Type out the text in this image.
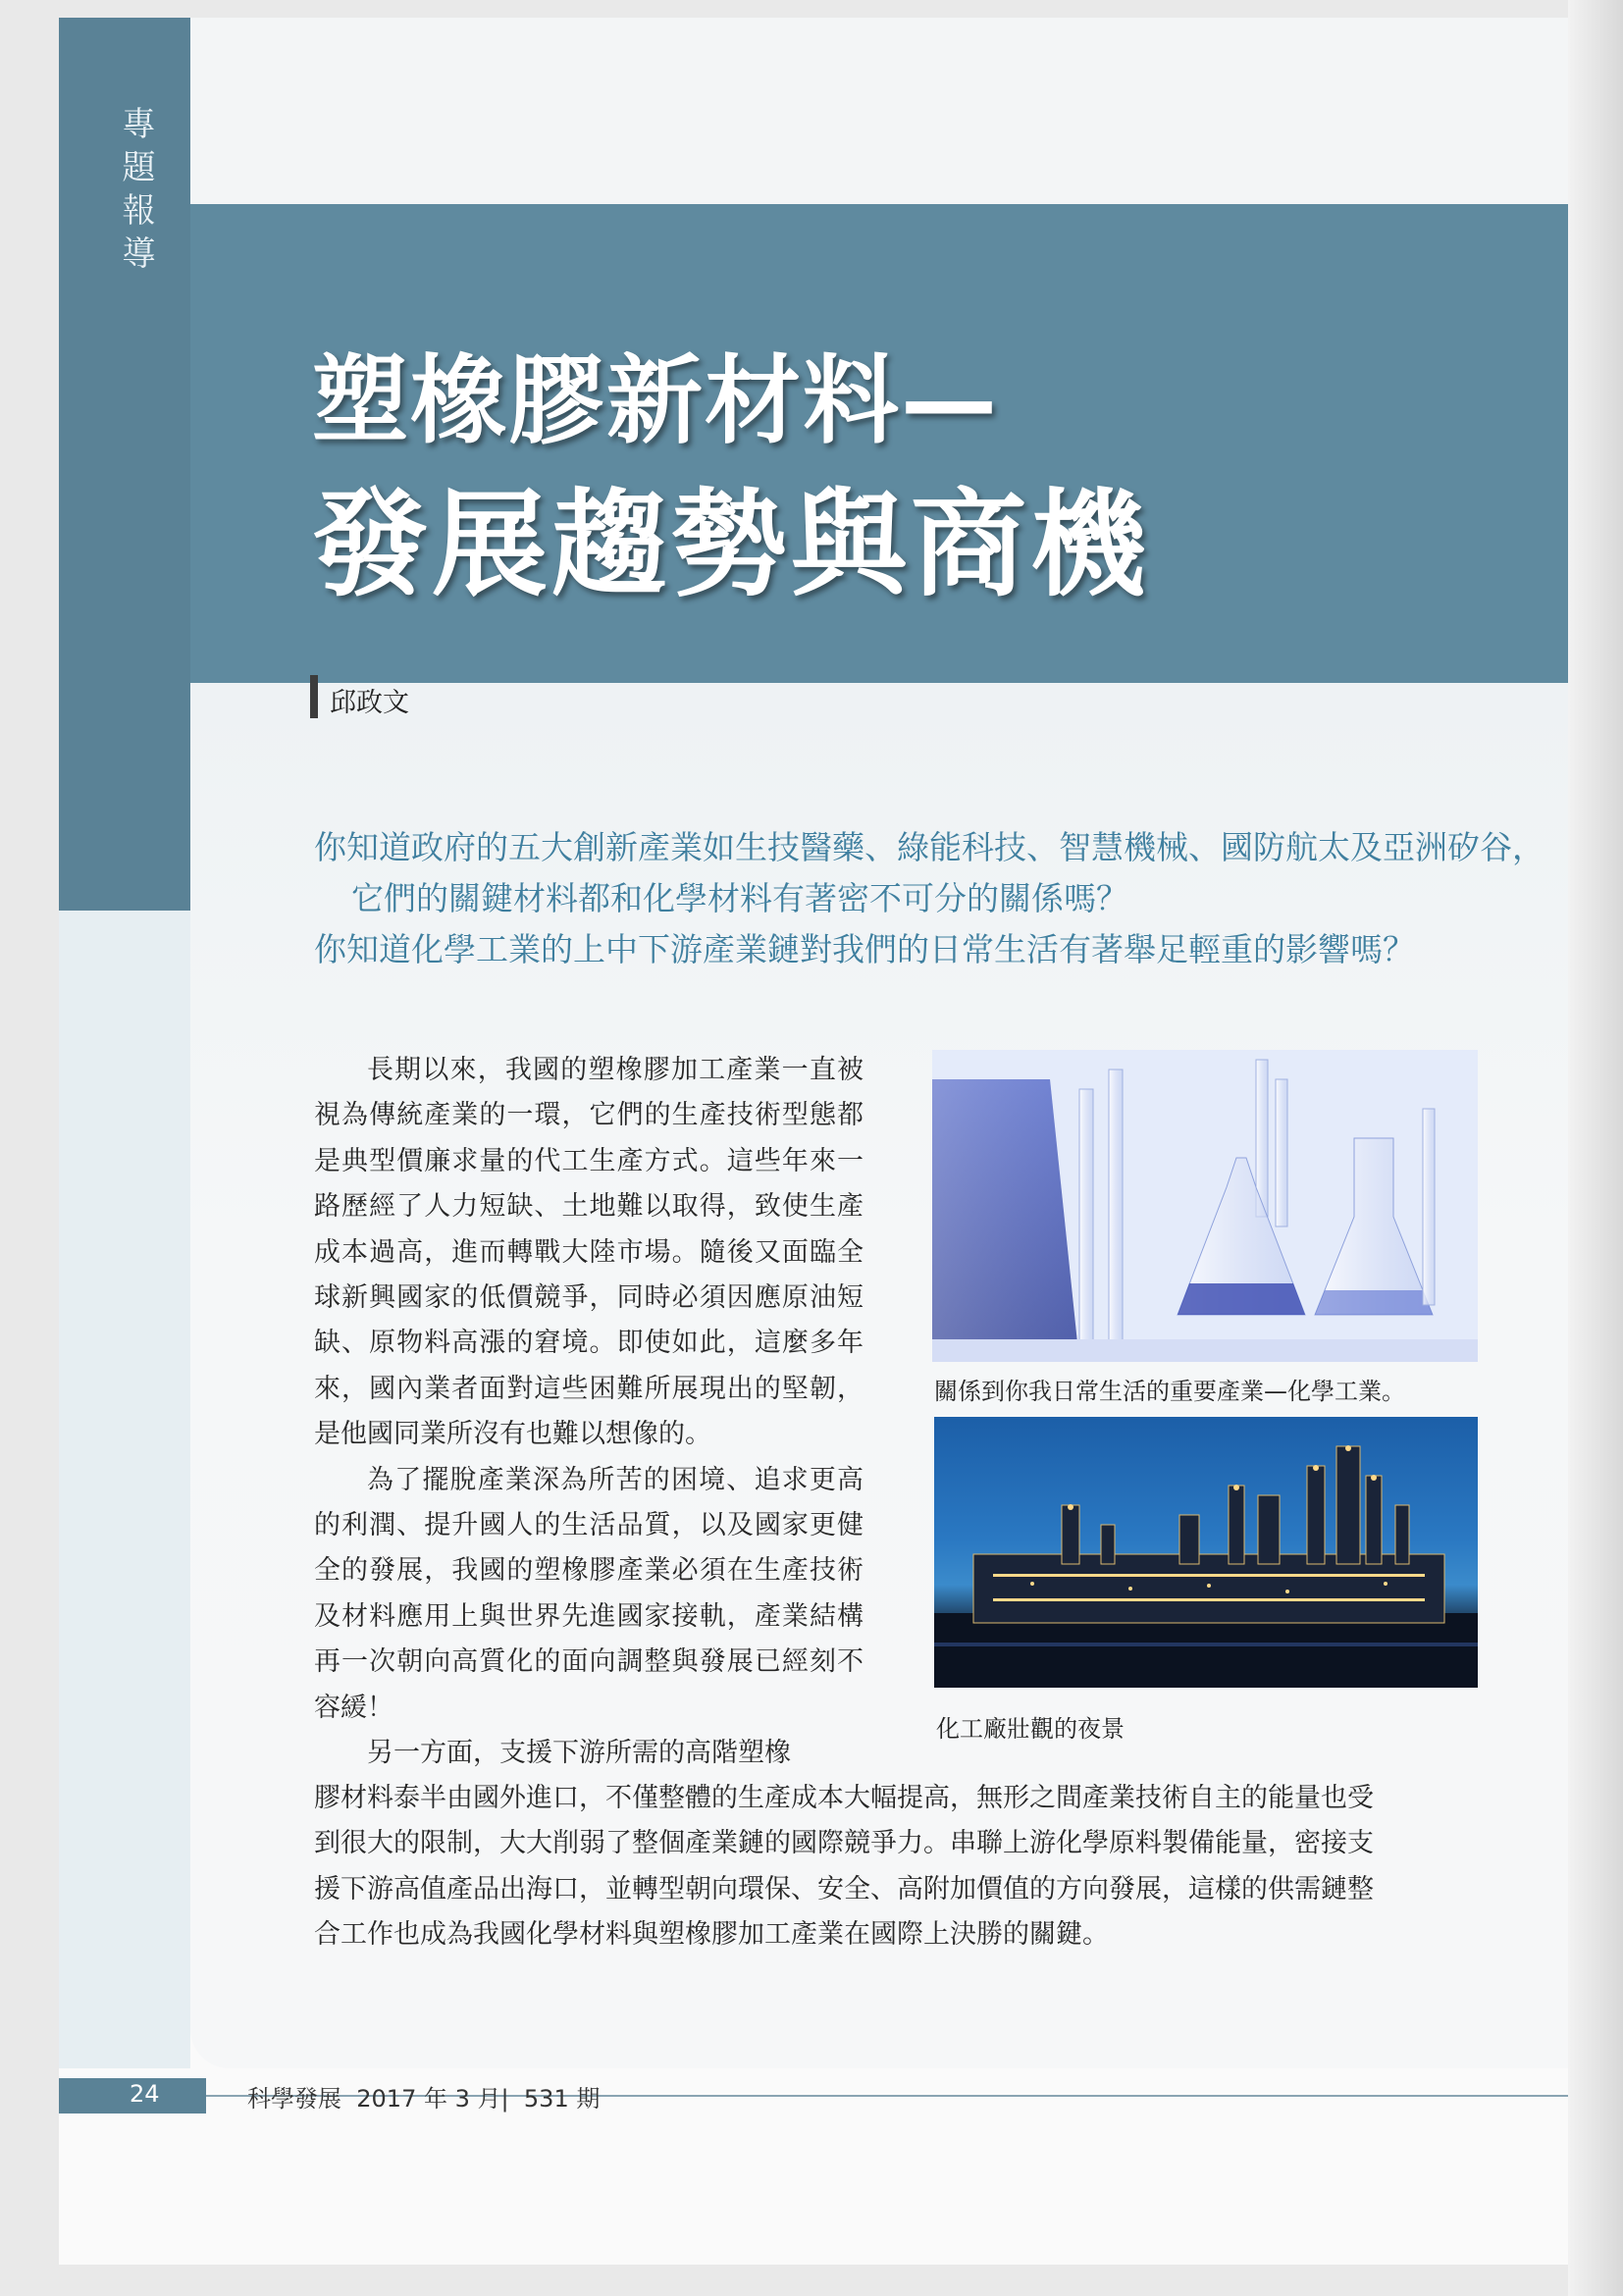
專題報導
塑橡膠新材料—
發展趨勢與商機
邱政文
你知道政府的五大創新產業如生技醫藥、綠能科技、智慧機械、國防航太及亞洲矽谷，
它們的關鍵材料都和化學材料有著密不可分的關係嗎？
你知道化學工業的上中下游產業鏈對我們的日常生活有著舉足輕重的影響嗎？

長期以來，我國的塑橡膠加工產業一直被視為傳統產業的一環，它們的生產技術型態都是典型價廉求量的代工生產方式。這些年來一路歷經了人力短缺、土地難以取得，致使生產成本過高，進而轉戰大陸市場。隨後又面臨全球新興國家的低價競爭，同時必須因應原油短缺、原物料高漲的窘境。即使如此，這麼多年來，國內業者面對這些困難所展現出的堅韌，是他國同業所沒有也難以想像的。

為了擺脫產業深為所苦的困境、追求更高的利潤、提升國人的生活品質，以及國家更健全的發展，我國的塑橡膠產業必須在生產技術及材料應用上與世界先進國家接軌，產業結構再一次朝向高質化的面向調整與發展已經刻不容緩！

另一方面，支援下游所需的高階塑橡

膠材料泰半由國外進口，不僅整體的生產成本大幅提高，無形之間產業技術自主的能量也受
到很大的限制，大大削弱了整個產業鏈的國際競爭力。串聯上游化學原料製備能量，密接支
援下游高值產品出海口，並轉型朝向環保、安全、高附加價值的方向發展，這樣的供需鏈整
合工作也成為我國化學材料與塑橡膠加工產業在國際上決勝的關鍵。
關係到你我日常生活的重要產業—化學工業。
化工廠壯觀的夜景
24	科學發展 2017 年 3 月| 531 期
